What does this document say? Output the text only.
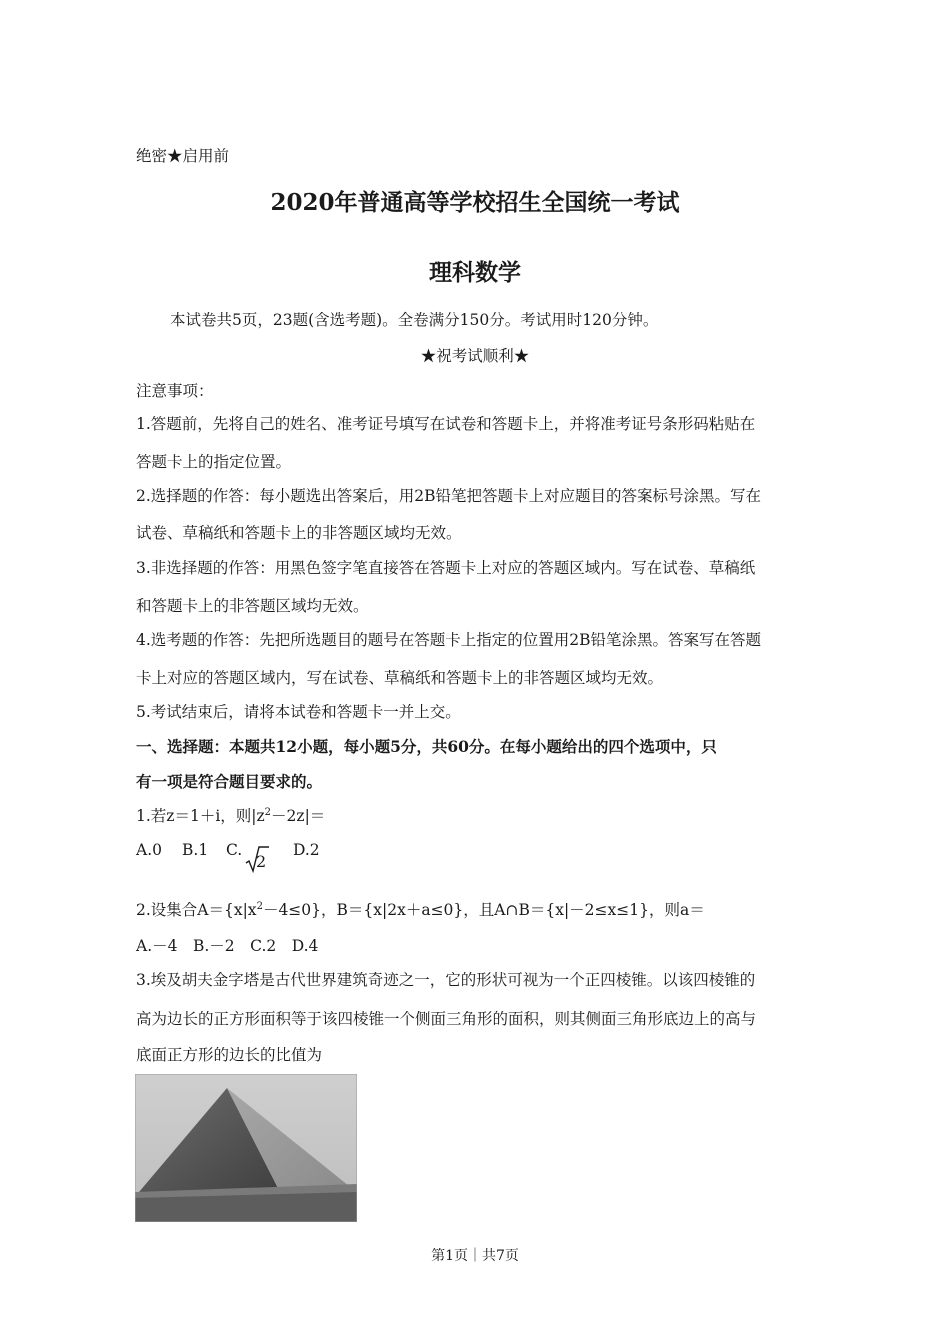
绝密★启用前
2020年普通高等学校招生全国统一考试
理科数学
本试卷共5页，23题(含选考题)。全卷满分150分。考试用时120分钟。
★祝考试顺利★
注意事项：
1.答题前，先将自己的姓名、准考证号填写在试卷和答题卡上，并将准考证号条形码粘贴在
答题卡上的指定位置。
2.选择题的作答：每小题选出答案后，用2B铅笔把答题卡上对应题目的答案标号涂黑。写在
试卷、草稿纸和答题卡上的非答题区域均无效。
3.非选择题的作答：用黑色签字笔直接答在答题卡上对应的答题区域内。写在试卷、草稿纸
和答题卡上的非答题区域均无效。
4.选考题的作答：先把所选题目的题号在答题卡上指定的位置用2B铅笔涂黑。答案写在答题
卡上对应的答题区域内，写在试卷、草稿纸和答题卡上的非答题区域均无效。
5.考试结束后，请将本试卷和答题卡一并上交。
一、选择题：本题共12小题，每小题5分，共60分。在每小题给出的四个选项中，只
有一项是符合题目要求的。
1.若z＝1＋i，则$|z^2-2z|=$
A.0 B.1 C.
2
D.2
2.设集合$A=\{x|x^2-4\le 0\}$，B＝{x|2x＋a≤0}，且A∩B＝{x|－2≤x≤1}，则a＝
A.－4　B.－2　C.2　D.4
3.埃及胡夫金字塔是古代世界建筑奇迹之一，它的形状可视为一个正四棱锥。以该四棱锥的
高为边长的正方形面积等于该四棱锥一个侧面三角形的面积，则其侧面三角形底边上的高与
底面正方形的边长的比值为
第1页｜共7页
